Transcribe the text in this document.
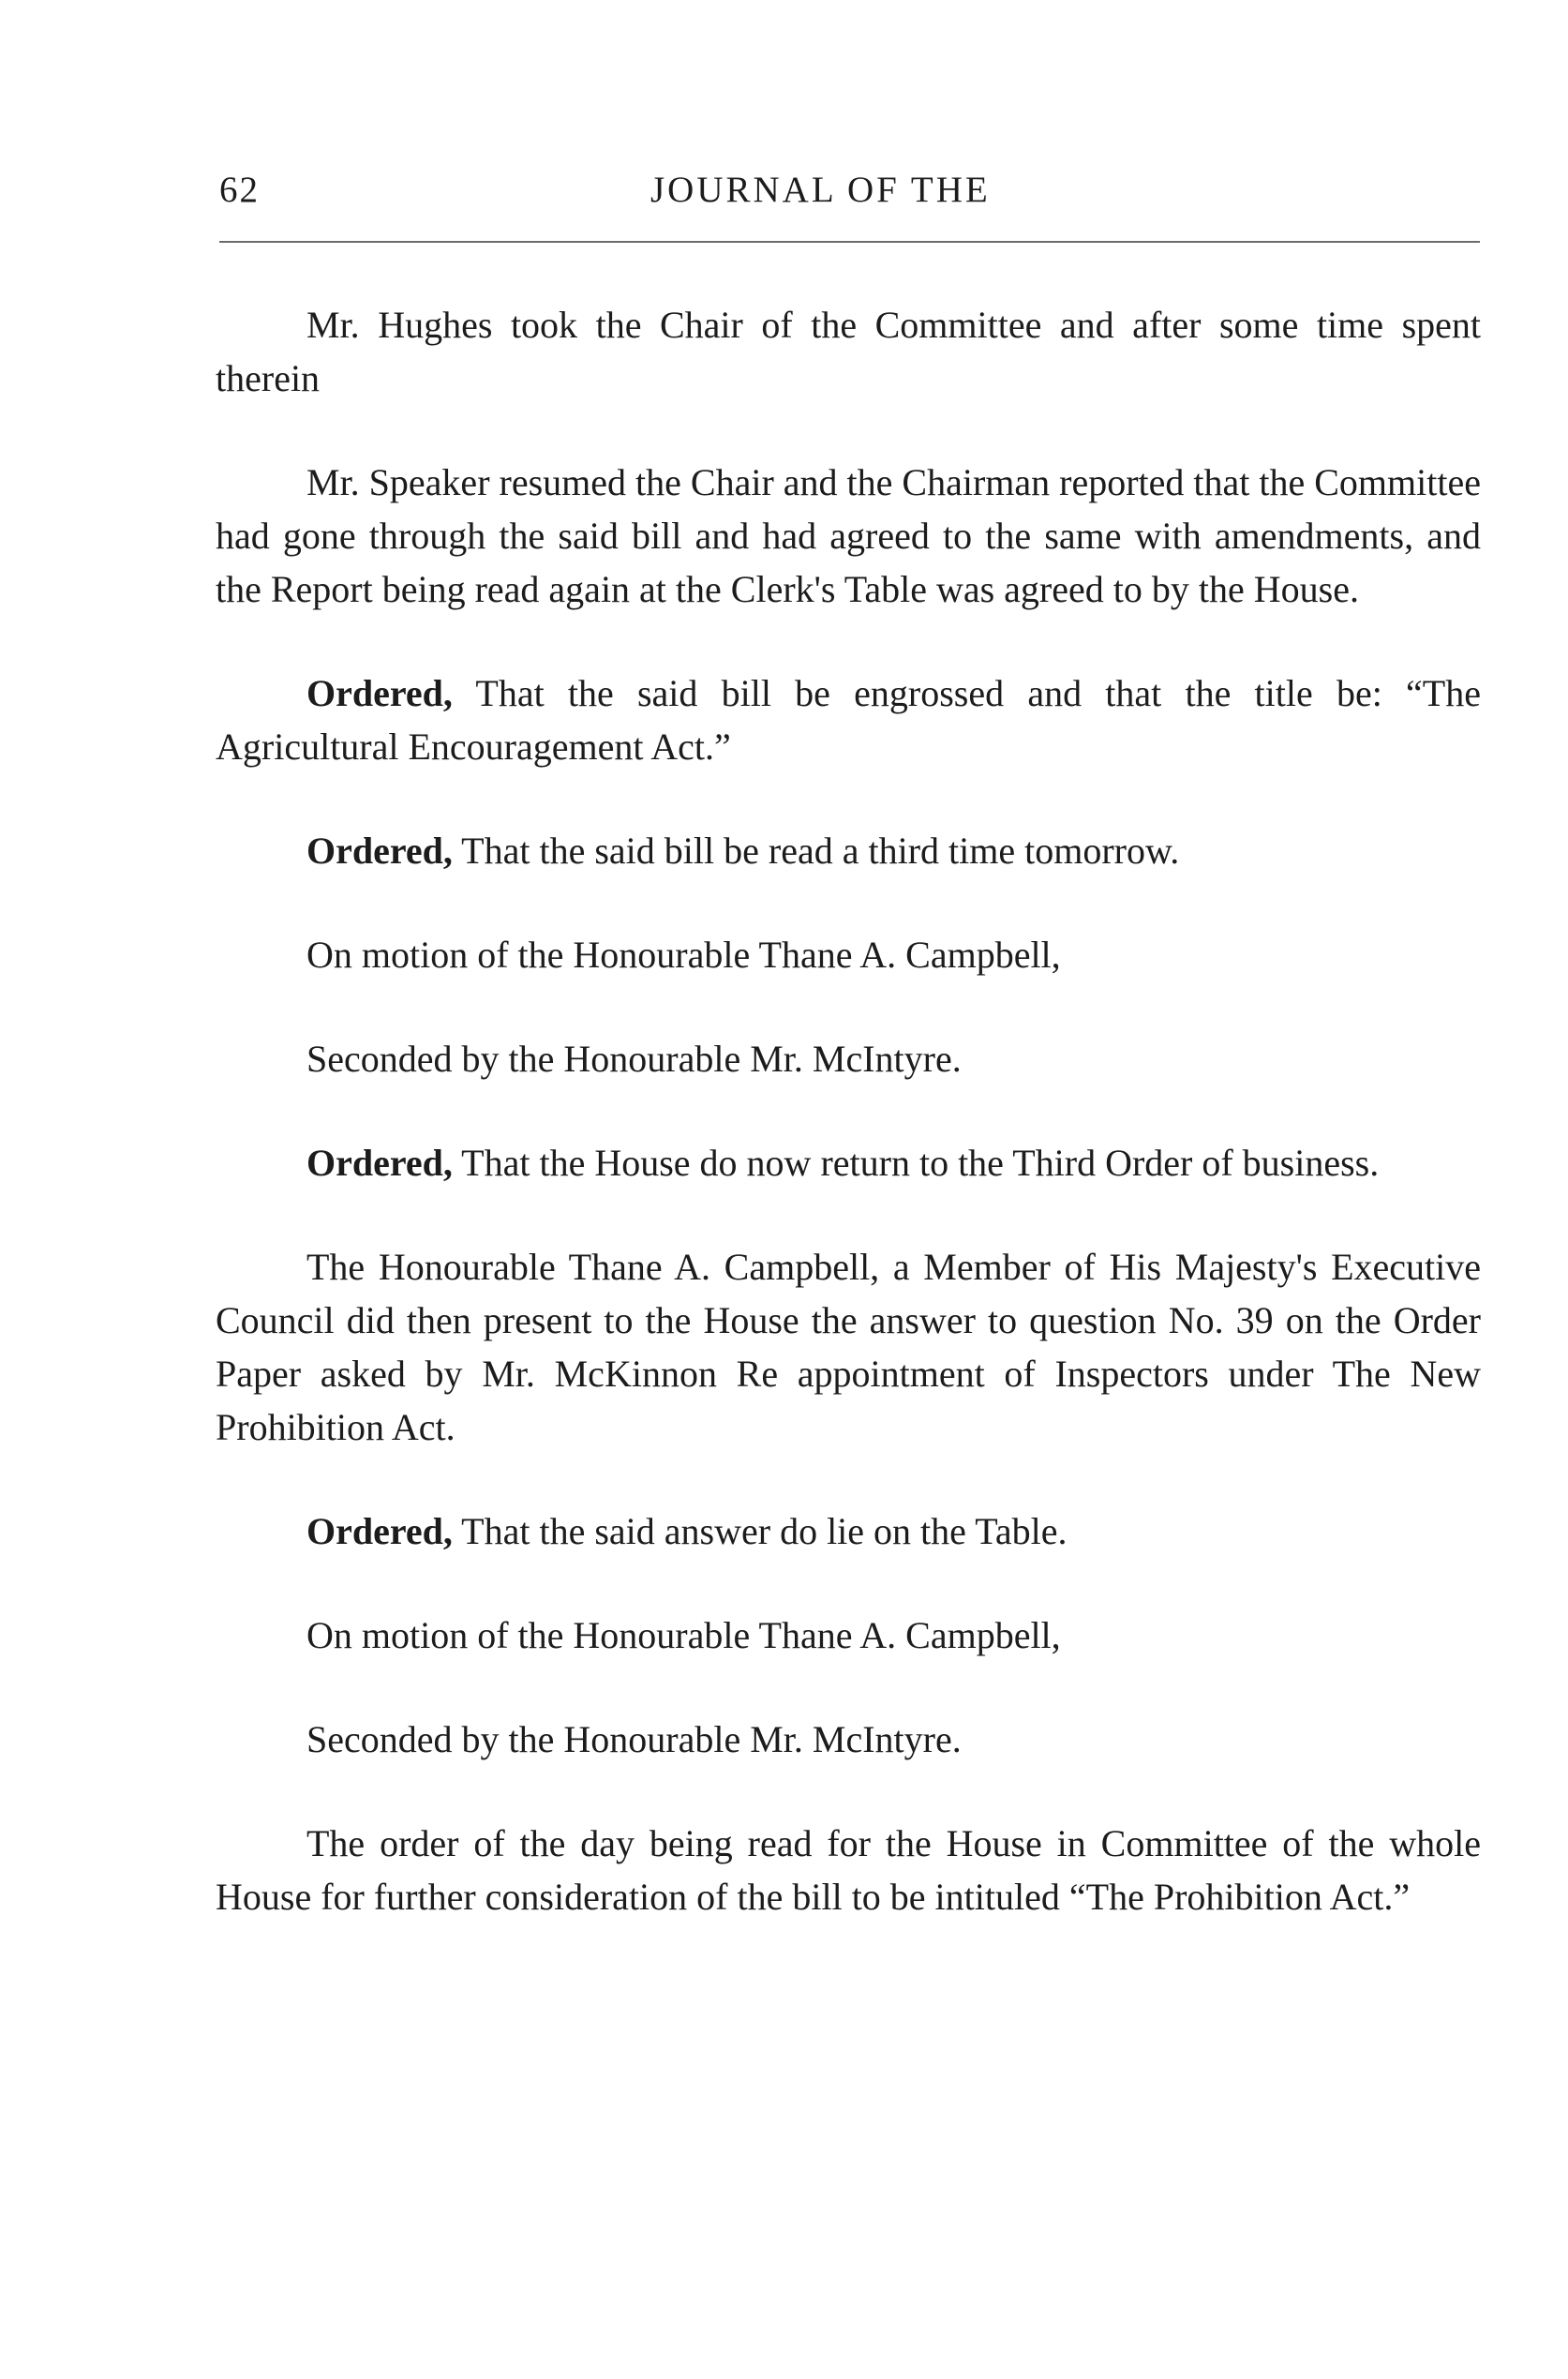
62	JOURNAL OF THE

Mr. Hughes took the Chair of the Committee and after some time spent therein

Mr. Speaker resumed the Chair and the Chairman reported that the Committee had gone through the said bill and had agreed to the same with amendments, and the Report being read again at the Clerk's Table was agreed to by the House.

Ordered, That the said bill be engrossed and that the title be: “The Agricultural Encouragement Act.”

Ordered, That the said bill be read a third time tomorrow.

On motion of the Honourable Thane A. Campbell,

Seconded by the Honourable Mr. McIntyre.

Ordered, That the House do now return to the Third Order of business.

The Honourable Thane A. Campbell, a Member of His Majesty's Executive Council did then present to the House the answer to question No. 39 on the Order Paper asked by Mr. McKinnon Re appointment of Inspectors under The New Prohibition Act.

Ordered, That the said answer do lie on the Table.

On motion of the Honourable Thane A. Campbell,

Seconded by the Honourable Mr. McIntyre.

The order of the day being read for the House in Committee of the whole House for further consideration of the bill to be intituled “The Prohibition Act.”
